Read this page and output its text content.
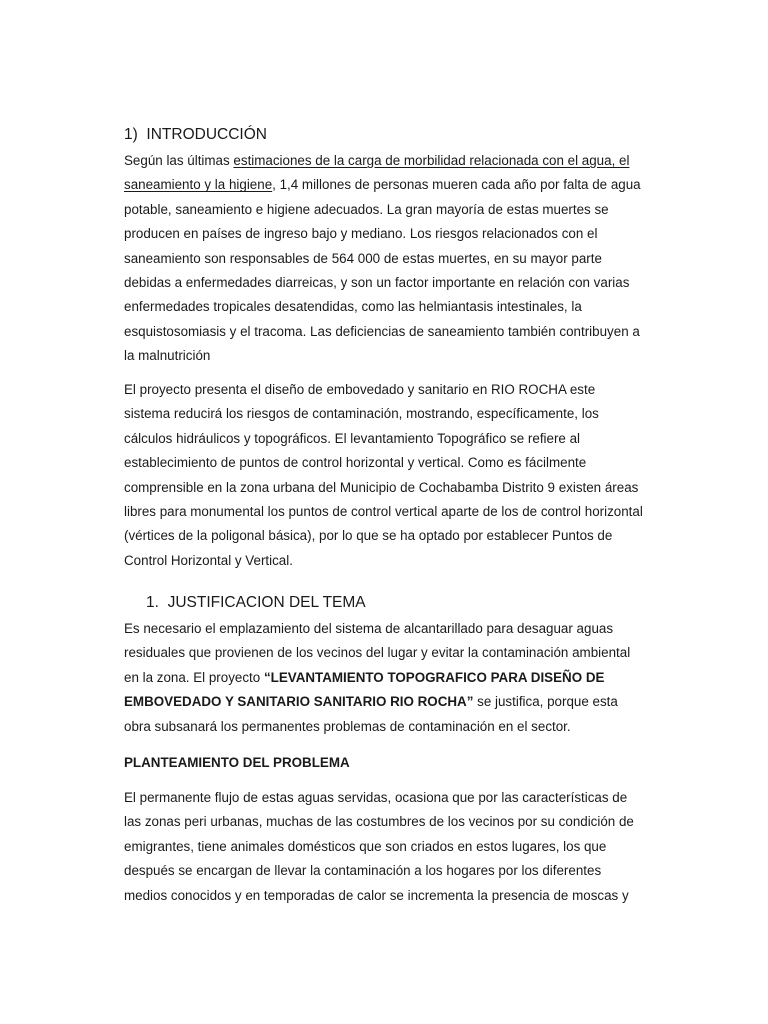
1) INTRODUCCIÓN
Según las últimas estimaciones de la carga de morbilidad relacionada con el agua, el
saneamiento y la higiene, 1,4 millones de personas mueren cada año por falta de agua
potable, saneamiento e higiene adecuados. La gran mayoría de estas muertes se
producen en países de ingreso bajo y mediano. Los riesgos relacionados con el
saneamiento son responsables de 564 000 de estas muertes, en su mayor parte
debidas a enfermedades diarreicas, y son un factor importante en relación con varias
enfermedades tropicales desatendidas, como las helmiantasis intestinales, la
esquistosomiasis y el tracoma. Las deficiencias de saneamiento también contribuyen a
la malnutrición
El proyecto presenta el diseño de embovedado y sanitario en RIO ROCHA este
sistema reducirá los riesgos de contaminación, mostrando, específicamente, los
cálculos hidráulicos y topográficos. El levantamiento Topográfico se refiere al
establecimiento de puntos de control horizontal y vertical. Como es fácilmente
comprensible en la zona urbana del Municipio de Cochabamba Distrito 9 existen áreas
libres para monumental los puntos de control vertical aparte de los de control horizontal
(vértices de la poligonal básica), por lo que se ha optado por establecer Puntos de
Control Horizontal y Vertical.
1. JUSTIFICACION DEL TEMA
Es necesario el emplazamiento del sistema de alcantarillado para desaguar aguas
residuales que provienen de los vecinos del lugar y evitar la contaminación ambiental
en la zona. El proyecto “LEVANTAMIENTO TOPOGRAFICO PARA DISEÑO DE
EMBOVEDADO Y SANITARIO SANITARIO RIO ROCHA” se justifica, porque esta
obra subsanará los permanentes problemas de contaminación en el sector.
PLANTEAMIENTO DEL PROBLEMA
El permanente flujo de estas aguas servidas, ocasiona que por las características de
las zonas peri urbanas, muchas de las costumbres de los vecinos por su condición de
emigrantes, tiene animales domésticos que son criados en estos lugares, los que
después se encargan de llevar la contaminación a los hogares por los diferentes
medios conocidos y en temporadas de calor se incrementa la presencia de moscas y
